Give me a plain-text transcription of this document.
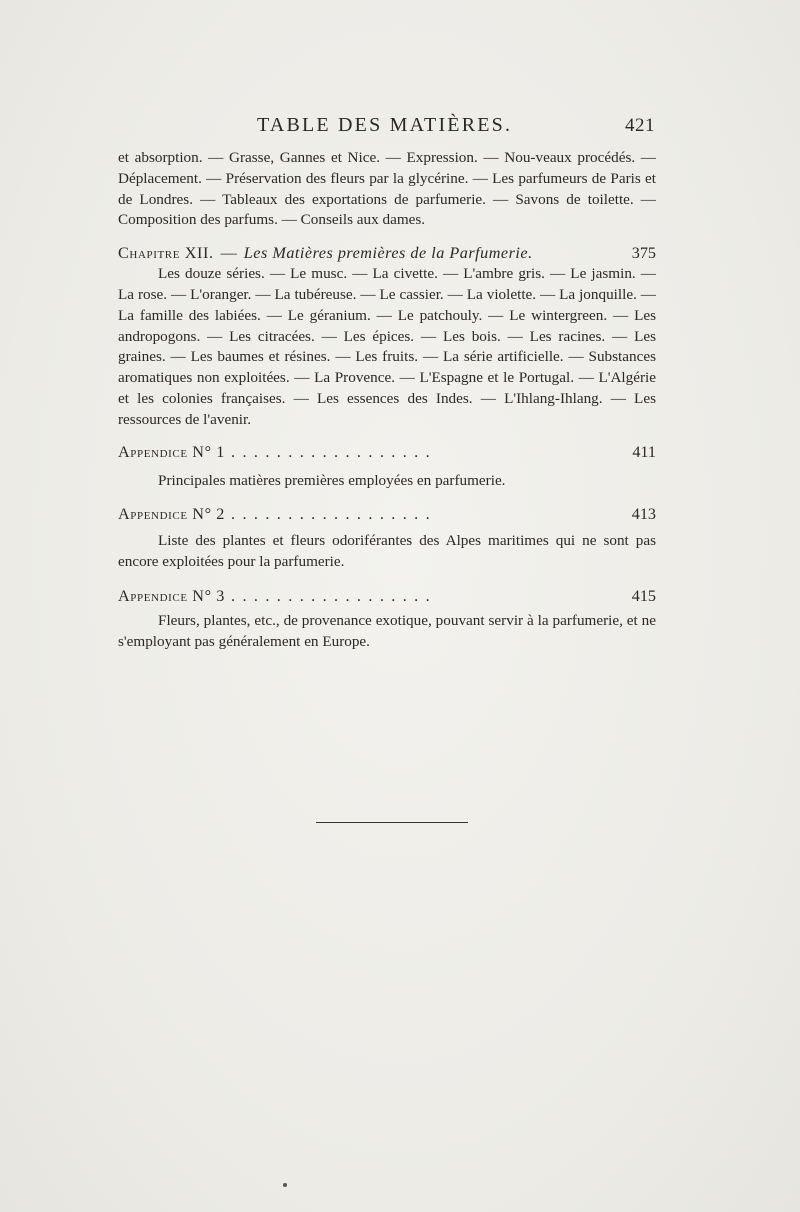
TABLE DES MATIÈRES.	421

et absorption. — Grasse, Gannes et Nice. — Expression. — Nou-veaux procédés. — Déplacement. — Préservation des fleurs par la glycérine. — Les parfumeurs de Paris et de Londres. — Tableaux des exportations de parfumerie. — Savons de toilette. — Composition des parfums. — Conseils aux dames.

Chapitre XII. — Les Matières premières de la Parfumerie.	375

Les douze séries. — Le musc. — La civette. — L'ambre gris. — Le jasmin. — La rose. — L'oranger. — La tubéreuse. — Le cassier. — La violette. — La jonquille. — La famille des labiées. — Le géranium. — Le patchouly. — Le wintergreen. — Les andropogons. — Les citracées. — Les épices. — Les bois. — Les racines. — Les graines. — Les baumes et résines. — Les fruits. — La série artificielle. — Substances aromatiques non exploitées. — La Provence. — L'Espagne et le Portugal. — L'Algérie et les colonies françaises. — Les essences des Indes. — L'Ihlang-Ihlang. — Les ressources de l'avenir.

Appendice N° 1 ..................	411

Principales matières premières employées en parfumerie.

Appendice N° 2 ..................	413

Liste des plantes et fleurs odoriférantes des Alpes maritimes qui ne sont pas encore exploitées pour la parfumerie.

Appendice N° 3 ..................	415

Fleurs, plantes, etc., de provenance exotique, pouvant servir à la parfumerie, et ne s'employant pas généralement en Europe.
